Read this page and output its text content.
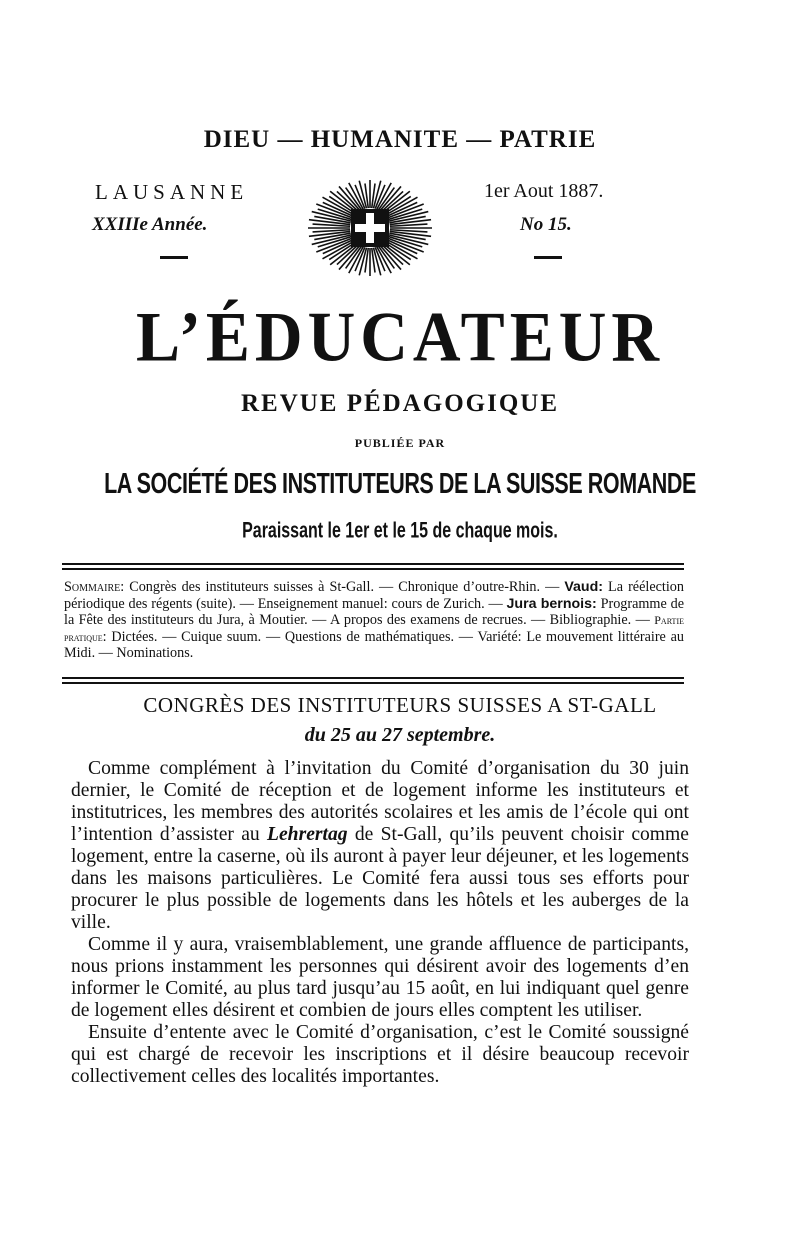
DIEU — HUMANITE — PATRIE
LAUSANNE
XXIIIe Année.
1er Aout 1887.
No 15.
L’ÉDUCATEUR
REVUE PÉDAGOGIQUE
PUBLIÉE PAR
LA SOCIÉTÉ DES INSTITUTEURS DE LA SUISSE ROMANDE
Paraissant le 1er et le 15 de chaque mois.
Sommaire: Congrès des instituteurs suisses à St-Gall. — Chronique d’outre-Rhin. — Vaud: La réélection périodique des régents (suite). — Enseignement manuel: cours de Zurich. — Jura bernois: Programme de la Fête des instituteurs du Jura, à Moutier. — A propos des examens de recrues. — Bibliographie. — Partie pratique: Dictées. — Cuique suum. — Questions de mathématiques. — Variété: Le mouvement littéraire au Midi. — Nominations.
CONGRÈS DES INSTITUTEURS SUISSES A ST-GALL
du 25 au 27 septembre.

Comme complément à l’invitation du Comité d’organisation du 30 juin dernier, le Comité de réception et de logement informe les instituteurs et institutrices, les membres des autorités scolaires et les amis de l’école qui ont l’intention d’assister au Lehrertag de St-Gall, qu’ils peuvent choisir comme logement, entre la caserne, où ils auront à payer leur déjeuner, et les logements dans les maisons particulières. Le Comité fera aussi tous ses efforts pour procurer le plus possible de logements dans les hôtels et les auberges de la ville.

Comme il y aura, vraisemblablement, une grande affluence de participants, nous prions instamment les personnes qui désirent avoir des logements d’en informer le Comité, au plus tard jusqu’au 15 août, en lui indiquant quel genre de logement elles désirent et combien de jours elles comptent les utiliser.

Ensuite d’entente avec le Comité d’organisation, c’est le Comité soussigné qui est chargé de recevoir les inscriptions et il désire beaucoup recevoir collectivement celles des localités importantes.
